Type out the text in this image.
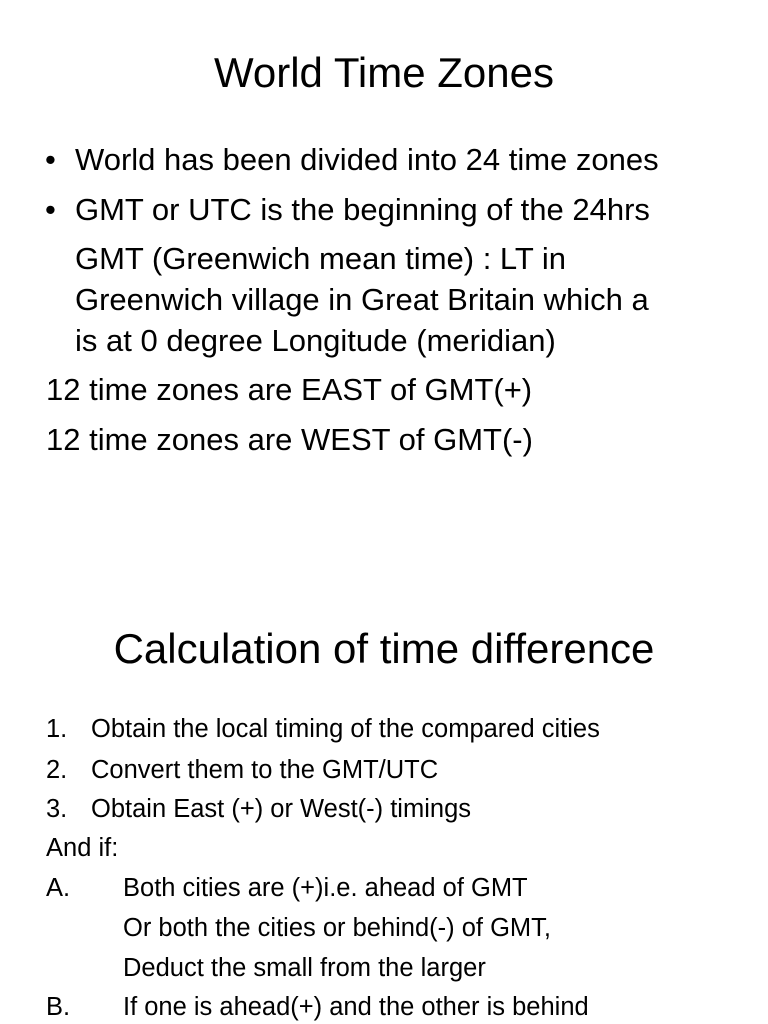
World Time Zones
• World has been divided into 24 time zones
• GMT or UTC is the beginning of the 24hrs
GMT (Greenwich mean time) : LT in
Greenwich village in Great Britain which a
is at 0 degree Longitude (meridian)
12 time zones are EAST of GMT(+)
12 time zones are WEST of GMT(-)
Calculation of time difference
1. Obtain the local timing of the compared cities
2. Convert them to the GMT/UTC
3. Obtain East (+) or West(-) timings
And if:
A. Both cities are (+)i.e. ahead of GMT
Or both the cities or behind(-) of GMT,
Deduct the small from the larger
B. If one is ahead(+) and the other is behind
